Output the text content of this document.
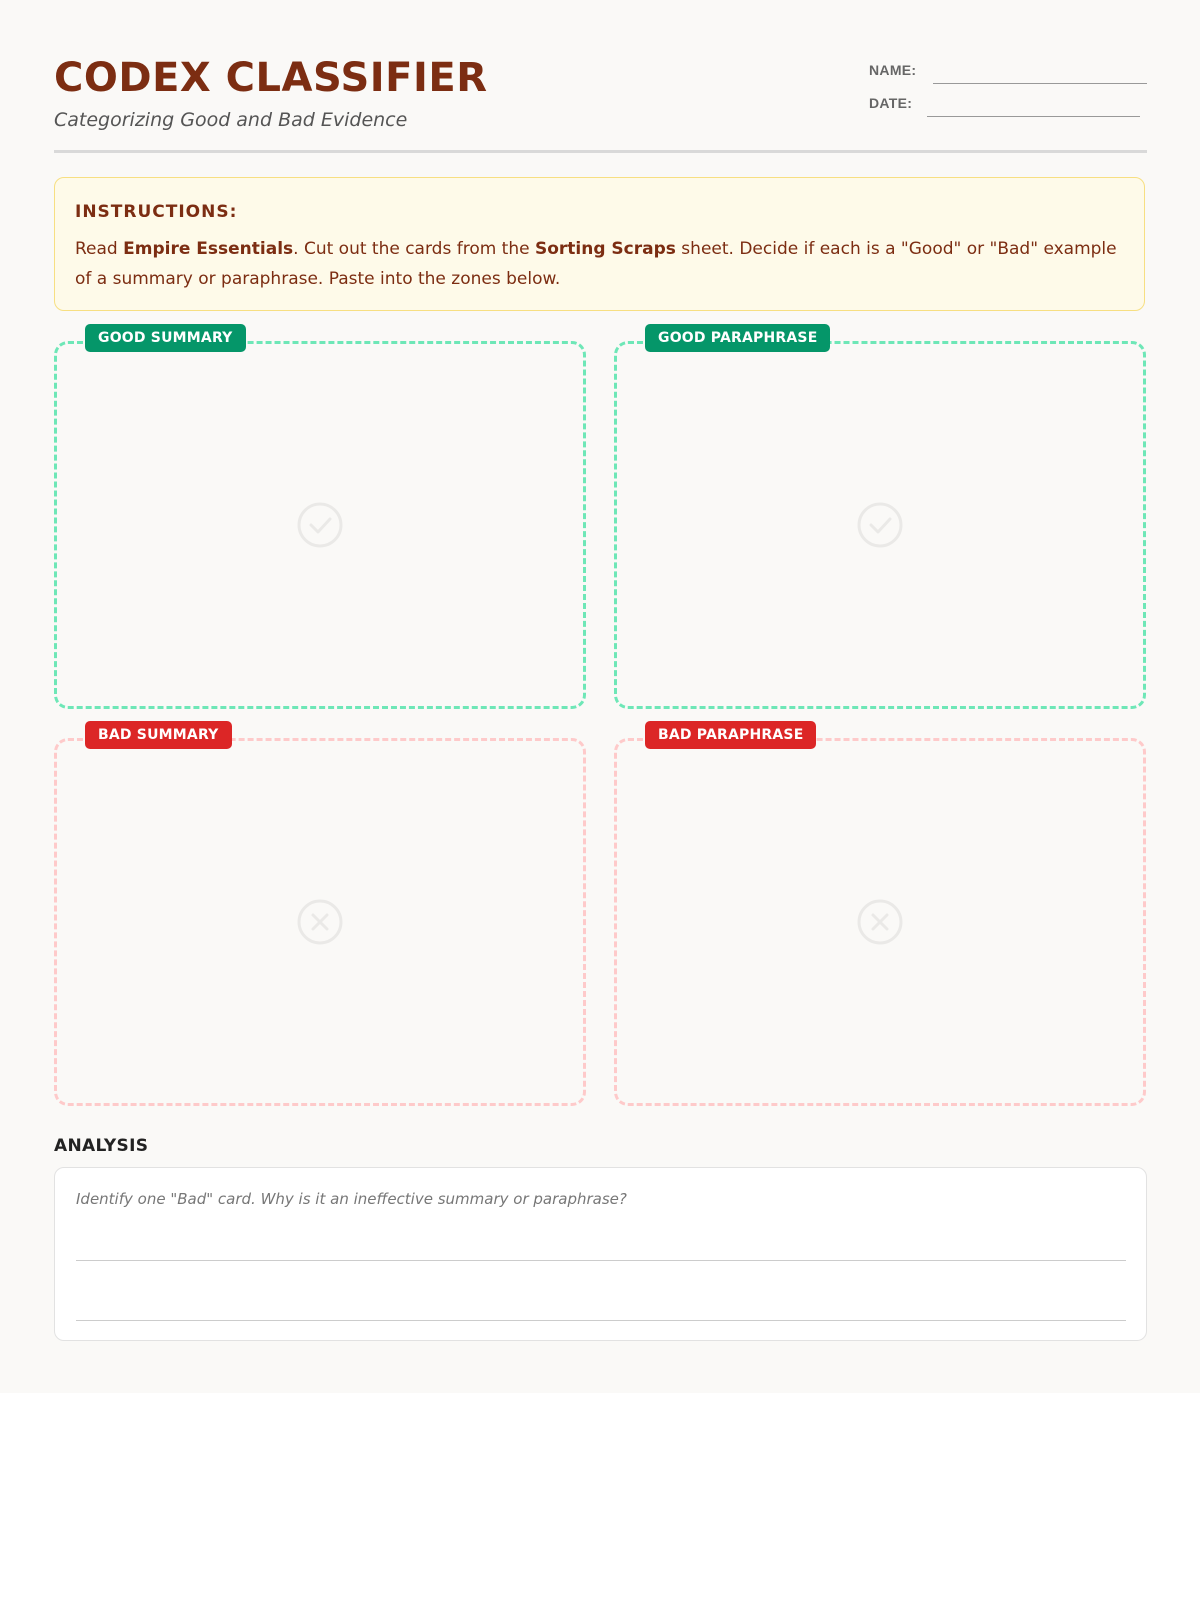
CODEX CLASSIFIER
Categorizing Good and Bad Evidence
NAME:
DATE:
INSTRUCTIONS:
Read Empire Essentials. Cut out the cards from the Sorting Scraps sheet. Decide if each is a "Good" or "Bad" example of a summary or paraphrase. Paste into the zones below.
GOOD SUMMARY	GOOD PARAPHRASE
BAD SUMMARY	BAD PARAPHRASE
ANALYSIS
Identify one "Bad" card. Why is it an ineffective summary or paraphrase?
